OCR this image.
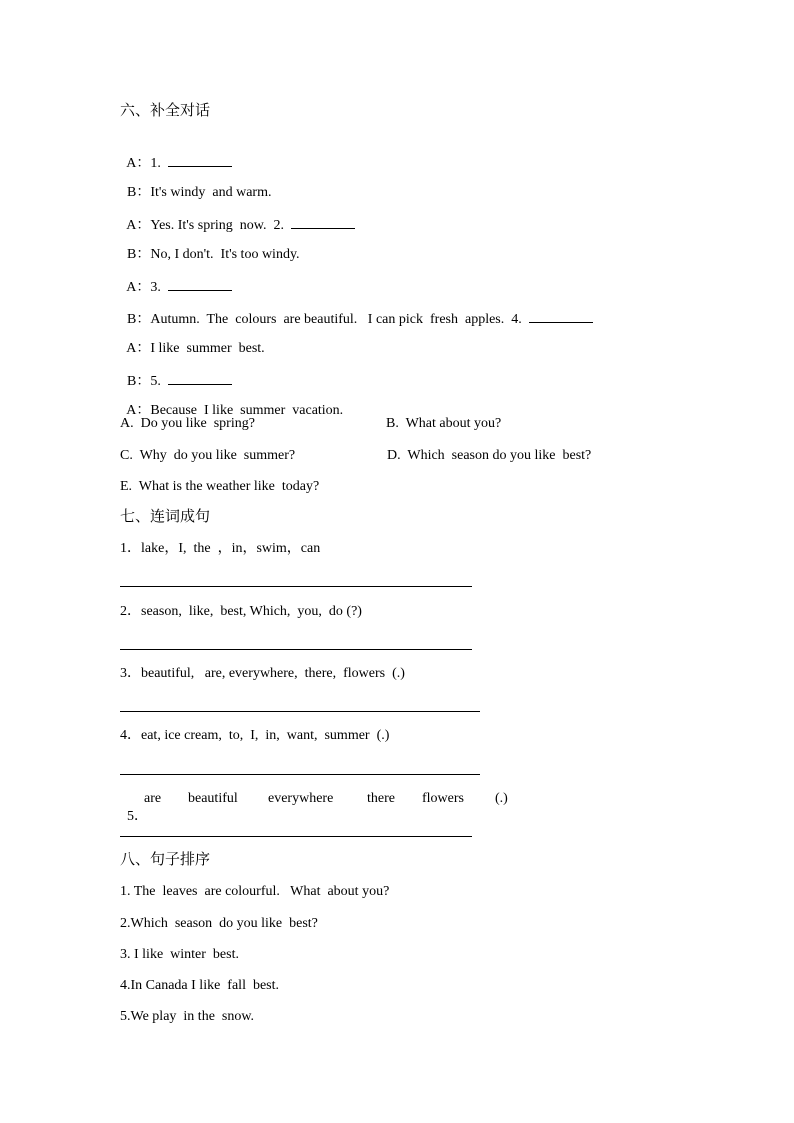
六、补全对话

A：1.

B：It's windy  and warm.

A：Yes. It's spring  now.  2.

B：No, I don't.  It's too windy.

A：3.

B：Autumn.  The  colours  are beautiful.   I can pick  fresh  apples.  4.

A：I like  summer  best.

B：5.

A：Because  I like  summer  vacation.

A.  Do you like  spring?	B.  What about you?
C.  Why  do you like  summer?	D.  Which  season do you like  best?
E.  What is the weather like  today?
七、连词成句
1．lake，I,  the  ，in，swim，can
2．season,  like,  best, Which,  you,  do (?)
3．beautiful,   are, everywhere,  there,  flowers  (.)
4．eat, ice cream,  to,  I,  in,  want,  summer  (.)

5．

are beautiful everywhere there flowers (.)
八、句子排序
1. The  leaves  are colourful.   What  about you?
2.Which  season  do you like  best?
3. I like  winter  best.
4.In Canada I like  fall  best.
5.We play  in the  snow.
